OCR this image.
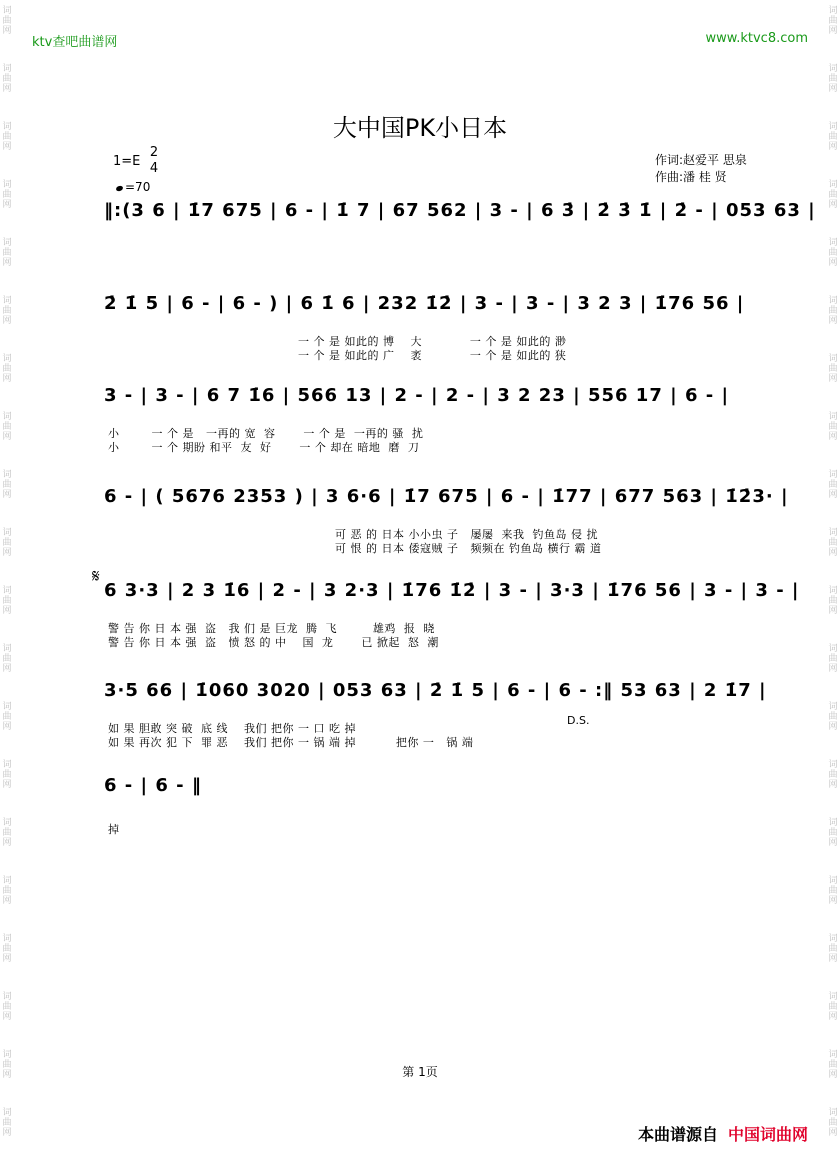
词
曲
网
词
曲
网
词
曲
网
词
曲
网
词
曲
网
词
曲
网
词
曲
网
词
曲
网
词
曲
网
词
曲
网
词
曲
网
词
曲
网
词
曲
网
词
曲
网
词
曲
网
词
曲
网
词
曲
网
词
曲
网
词
曲
网
词
曲
网
词
曲
网
词
曲
网
词
曲
网
词
曲
网
词
曲
网
词
曲
网
词
曲
网
词
曲
网
词
曲
网
词
曲
网
词
曲
网
词
曲
网
词
曲
网
词
曲
网
词
曲
网
词
曲
网
词
曲
网
词
曲
网
词
曲
网
词
曲
网
ktv查吧曲谱网	www.ktvc8.com
大中国PK小日本
1=E
2
4
=70
作词:赵爱平 思泉
作曲:潘 桂 贤
‖:(3 6 | 1̇7 675 | 6 - | 1̇ 7 | 67 562 | 3 - | 6 3̇ | 2̇ 3̇ 1̇ | 2̇ - | 053 63 |
2̇ 1̇ 5 | 6 - | 6 - ) | 6 1̇ 6 | 232 1̇2̇ | 3 - | 3 - | 3 2 3 | 1̇76 56 |
一 个 是 如此的 博    大            一 个 是 如此的 渺
一 个 是 如此的 广    袤            一 个 是 如此的 狭
3 - | 3 - | 6 7 1̇6 | 566 13 | 2 - | 2 - | 3 2 23 | 556 17 | 6 - |
小        一 个 是   一再的 宽  容       一 个 是  一再的 骚  扰
小        一 个 期盼 和平  友  好       一 个 却在 暗地  磨  刀
6 - | ( 5676 2353 ) | 3 6·6 | 1̇7 675 | 6 - | 1̇77 | 677 563 | 1̇2̇3· |
可 恶 的 日本 小小虫 子   屡屡  来我  钓鱼岛 侵 扰
可 恨 的 日本 倭寇贼 子   频频在 钓鱼岛 横行 霸 道
6 3·3 | 2 3 1̇6 | 2 - | 3 2·3 | 1̇76 1̇2̇ | 3 - | 3·3 | 1̇76 56 | 3 - | 3 - |
警 告 你 日 本 强  盗   我 们 是 巨龙  腾  飞         雄鸡  报  晓
警 告 你 日 本 强  盗   愤 怒 的 中    国  龙       已 掀起  怒  潮
3·5 66 | 1̇060 3020 | 053 63 | 2̇ 1̇ 5 | 6 - | 6 - :‖ 53 63 | 2 1̇7 |
如 果 胆敢 突 破  底 线    我们 把你 一 口 吃 掉
如 果 再次 犯 下  罪 恶    我们 把你 一 锅 端 掉          把你 一   锅 端
6 - | 6 - ‖
掉
𝄋
D.S.
第 1页
本曲谱源自 中国词曲网
